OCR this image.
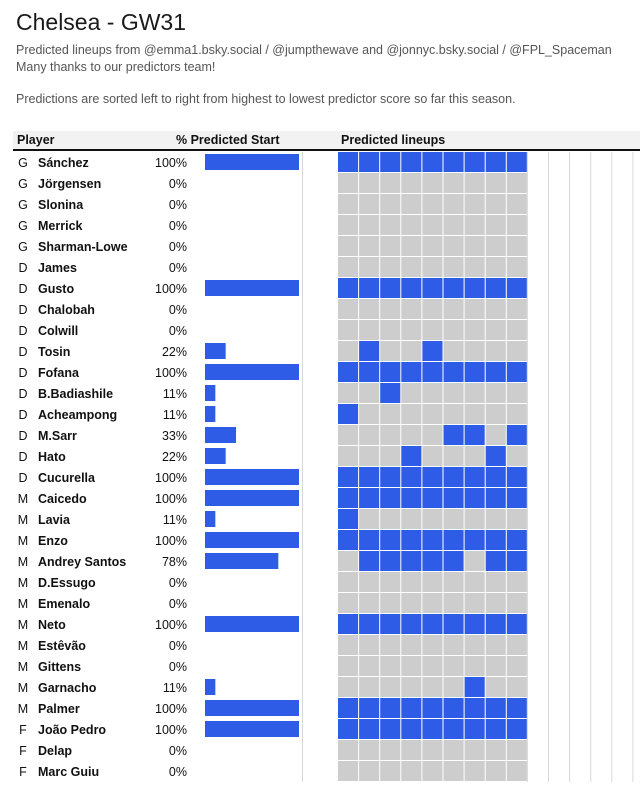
Chelsea - GW31
Predicted lineups from @emma1.bsky.social / @jumpthewave and @jonnyc.bsky.social / @FPL_Spaceman
Many thanks to our predictors team!
Predictions are sorted left to right from highest to lowest predictor score so far this season.
Player	% Predicted Start	Predicted lineups
G Sánchez	100%
G Jörgensen	0%
G Slonina	0%
G Merrick	0%
G Sharman-Lowe	0%
D James	0%
D Gusto	100%
D Chalobah	0%
D Colwill	0%
D Tosin	22%
D Fofana	100%
D B.Badiashile	11%
D Acheampong	11%
D M.Sarr	33%
D Hato	22%
D Cucurella	100%
M Caicedo	100%
M Lavia	11%
M Enzo	100%
M Andrey Santos	78%
M D.Essugo	0%
M Emenalo	0%
M Neto	100%
M Estêvão	0%
M Gittens	0%
M Garnacho	11%
M Palmer	100%
F João Pedro	100%
F Delap	0%
F Marc Guiu	0%
